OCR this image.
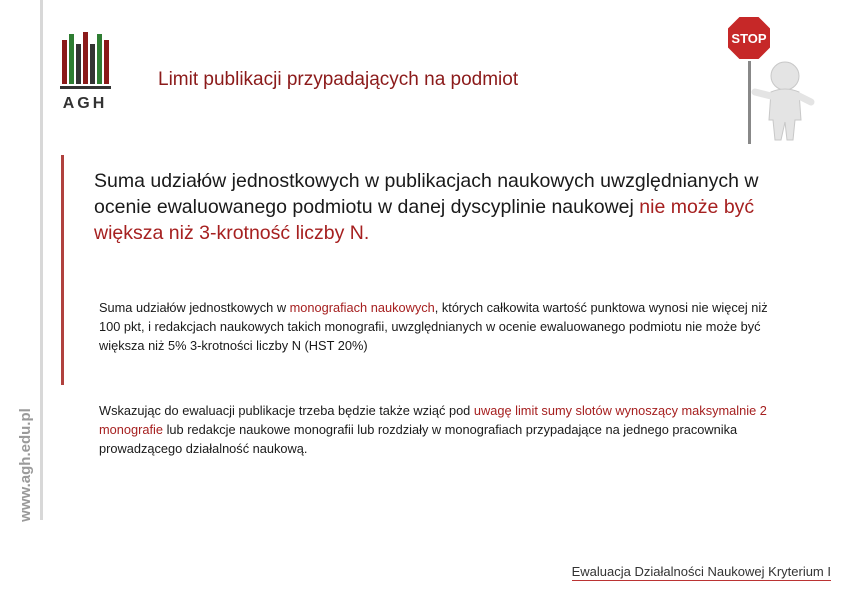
www.agh.edu.pl
AGH
Limit publikacji przypadających na podmiot
STOP
Suma udziałów jednostkowych w publikacjach naukowych uwzględnianych w ocenie ewaluowanego podmiotu w danej dyscyplinie naukowej nie może być większa niż 3-krotność liczby N.
Suma udziałów jednostkowych w monografiach naukowych, których całkowita wartość punktowa wynosi nie więcej niż 100 pkt, i redakcjach naukowych takich monografii, uwzględnianych w ocenie ewaluowanego podmiotu nie może być większa niż 5% 3-krotności liczby N (HST 20%)
Wskazując do ewaluacji publikacje trzeba będzie także wziąć pod uwagę limit sumy slotów wynoszący maksymalnie 2 monografie lub redakcje naukowe monografii lub rozdziały w monografiach przypadające na jednego pracownika prowadzącego działalność naukową.
Ewaluacja Działalności Naukowej Kryterium I
